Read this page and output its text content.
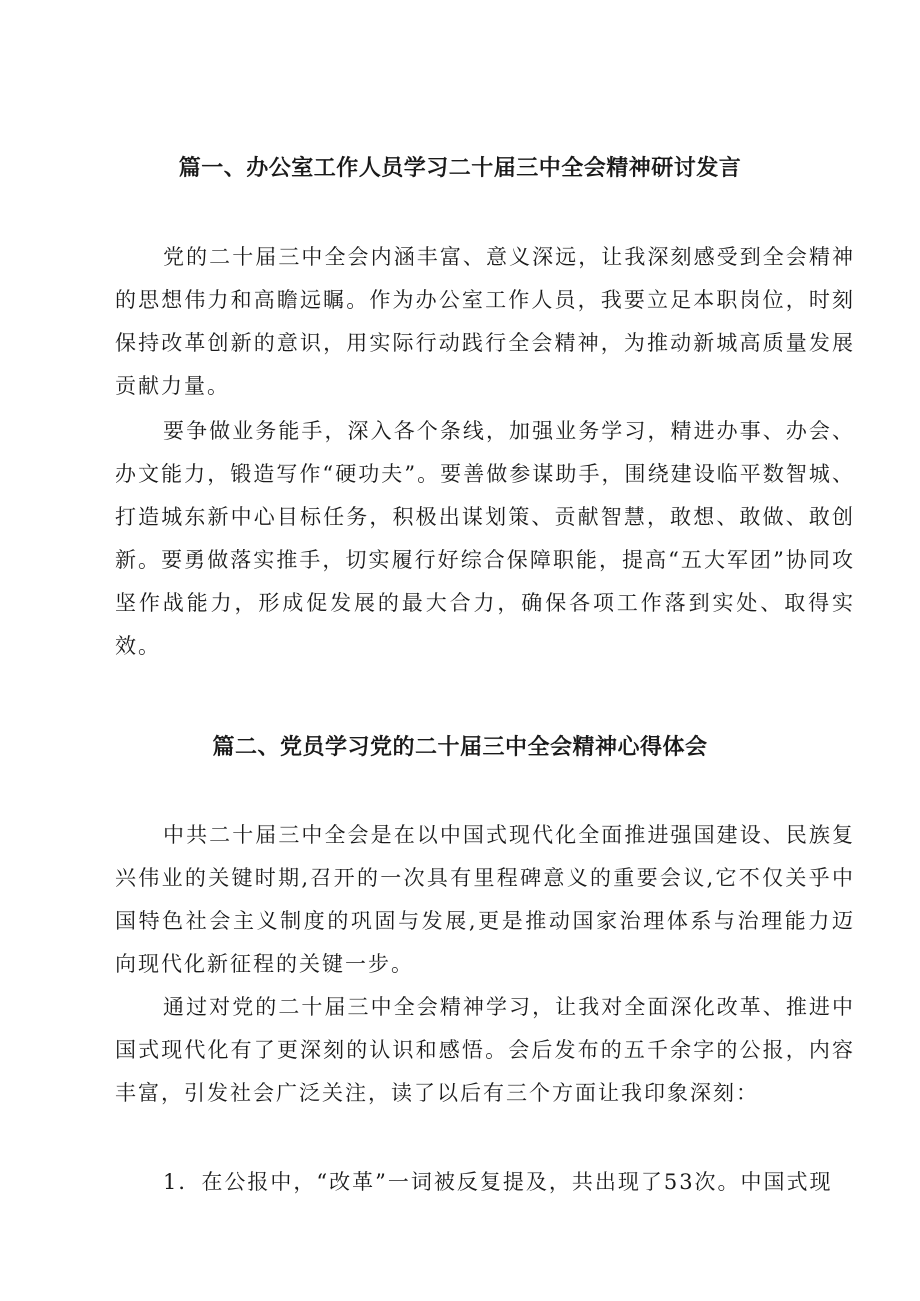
篇一、办公室工作人员学习二十届三中全会精神研讨发言
党的二十届三中全会内涵丰富、意义深远，让我深刻感受到全会精神的思想伟力和高瞻远瞩。作为办公室工作人员，我要立足本职岗位，时刻保持改革创新的意识，用实际行动践行全会精神，为推动新城高质量发展贡献力量。
要争做业务能手，深入各个条线，加强业务学习，精进办事、办会、办文能力，锻造写作“硬功夫”。要善做参谋助手，围绕建设临平数智城、打造城东新中心目标任务，积极出谋划策、贡献智慧，敢想、敢做、敢创新。要勇做落实推手，切实履行好综合保障职能，提高“五大军团”协同攻坚作战能力，形成促发展的最大合力，确保各项工作落到实处、取得实效。
篇二、党员学习党的二十届三中全会精神心得体会
中共二十届三中全会是在以中国式现代化全面推进强国建设、民族复兴伟业的关键时期,召开的一次具有里程碑意义的重要会议,它不仅关乎中国特色社会主义制度的巩固与发展,更是推动国家治理体系与治理能力迈向现代化新征程的关键一步。
通过对党的二十届三中全会精神学习，让我对全面深化改革、推进中国式现代化有了更深刻的认识和感悟。会后发布的五千余字的公报，内容丰富，引发社会广泛关注，读了以后有三个方面让我印象深刻：
1．在公报中，“改革”一词被反复提及，共出现了53次。中国式现
